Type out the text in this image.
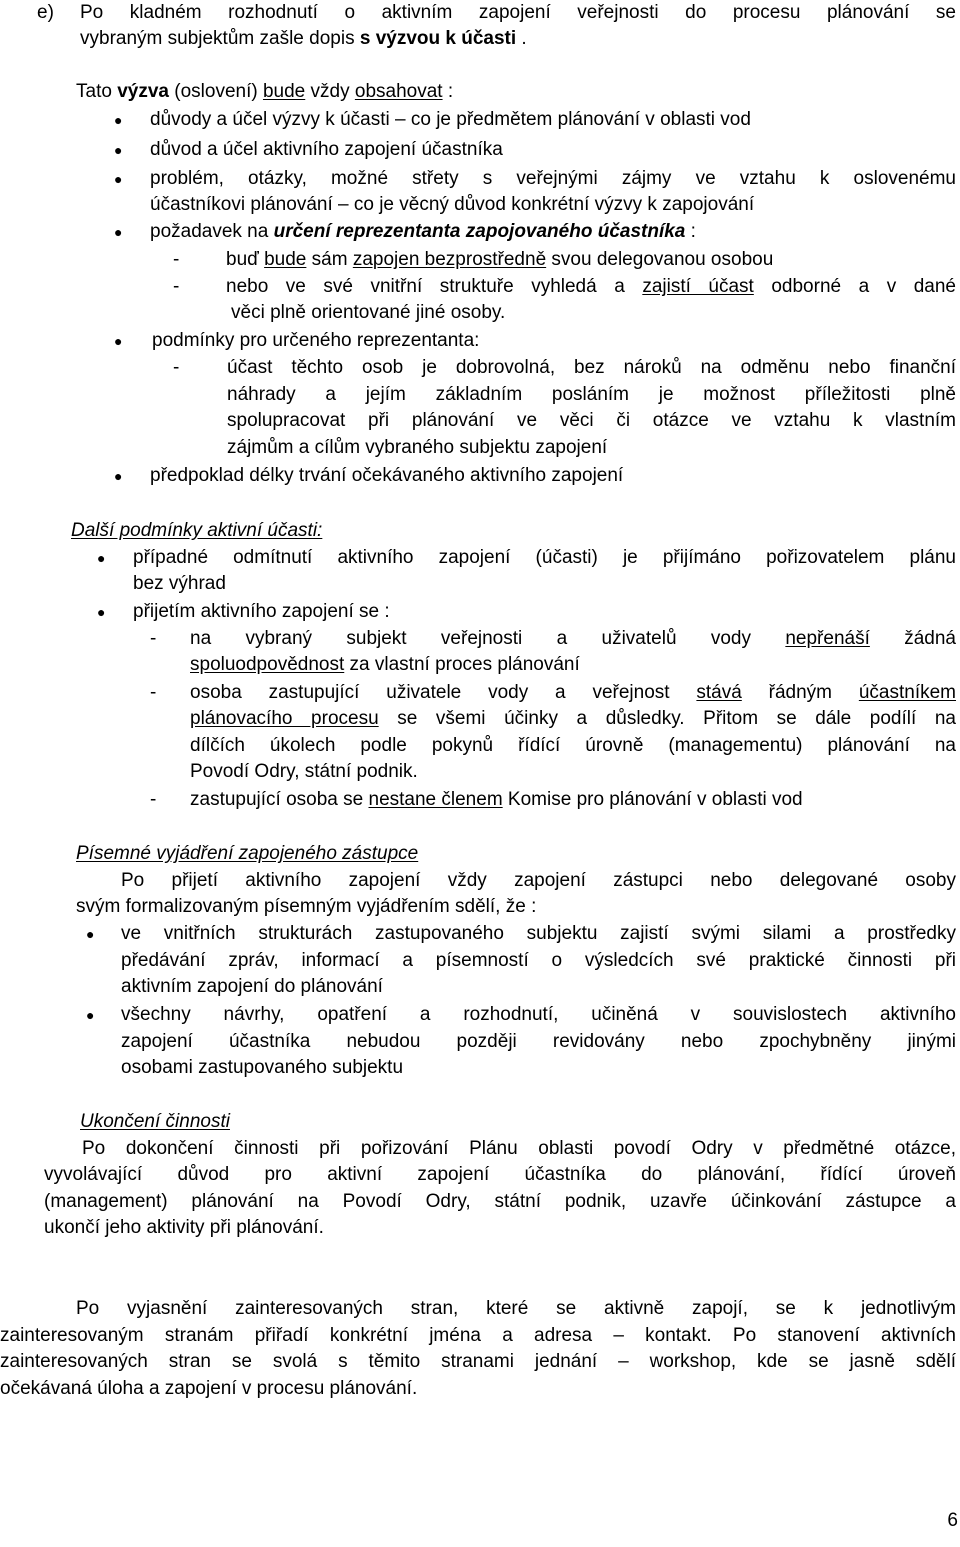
e) Po kladném rozhodnutí o aktivním zapojení veřejnosti do procesu plánování se
vybraným subjektům zašle dopis s výzvou k účasti .
Tato výzva (oslovení) bude vždy obsahovat :
● důvody a účel výzvy k účasti – co je předmětem plánování v oblasti vod
● důvod a účel aktivního zapojení účastníka
● problém, otázky, možné střety s veřejnými zájmy ve vztahu k oslovenému
účastníkovi plánování – co je věcný důvod konkrétní výzvy k zapojování
● požadavek na určení reprezentanta zapojovaného účastníka :
- buď bude sám zapojen bezprostředně svou delegovanou osobou
- nebo ve své vnitřní struktuře vyhledá a zajistí účast odborné a v dané
věci plně orientované jiné osoby.
● podmínky pro určeného reprezentanta:
-	účast těchto osob je dobrovolná, bez nároků na odměnu nebo finanční
náhrady a jejím základním posláním je možnost příležitosti plně
spolupracovat při plánování ve věci či otázce ve vztahu k vlastním
zájmům a cílům vybraného subjektu zapojení
● předpoklad délky trvání očekávaného aktivního zapojení
Další podmínky aktivní účasti:
● případné odmítnutí aktivního zapojení (účasti) je přijímáno pořizovatelem plánu
bez výhrad
● přijetím aktivního zapojení se :
- na vybraný subjekt veřejnosti a uživatelů vody nepřenáší žádná
spoluodpovědnost za vlastní proces plánování
- osoba zastupující uživatele vody a veřejnost stává řádným účastníkem
plánovacího procesu se všemi účinky a důsledky. Přitom se dále podílí na
dílčích úkolech podle pokynů řídící úrovně (managementu) plánování na
Povodí Odry, státní podnik.
- zastupující osoba se nestane členem Komise pro plánování v oblasti vod
Písemné vyjádření zapojeného zástupce
Po přijetí aktivního zapojení vždy zapojení zástupci nebo delegované osoby
svým formalizovaným písemným vyjádřením sdělí, že :
● ve vnitřních strukturách zastupovaného subjektu zajistí svými silami a prostředky
předávání zpráv, informací a písemností o výsledcích své praktické činnosti při
aktivním zapojení do plánování
● všechny návrhy, opatření a rozhodnutí, učiněná v souvislostech aktivního
zapojení účastníka nebudou později revidovány nebo zpochybněny jinými
osobami zastupovaného subjektu
Ukončení činnosti
Po dokončení činnosti při pořizování Plánu oblasti povodí Odry v předmětné otázce,
vyvolávající důvod pro aktivní zapojení účastníka do plánování, řídící úroveň
(management) plánování na Povodí Odry, státní podnik, uzavře účinkování zástupce a
ukončí jeho aktivity při plánování.
Po vyjasnění zainteresovaných stran, které se aktivně zapojí, se k jednotlivým
zainteresovaným stranám přiřadí konkrétní jména a adresa – kontakt. Po stanovení aktivních
zainteresovaných stran se svolá s těmito stranami jednání – workshop, kde se jasně sdělí
očekávaná úloha a zapojení v procesu plánování.
6
